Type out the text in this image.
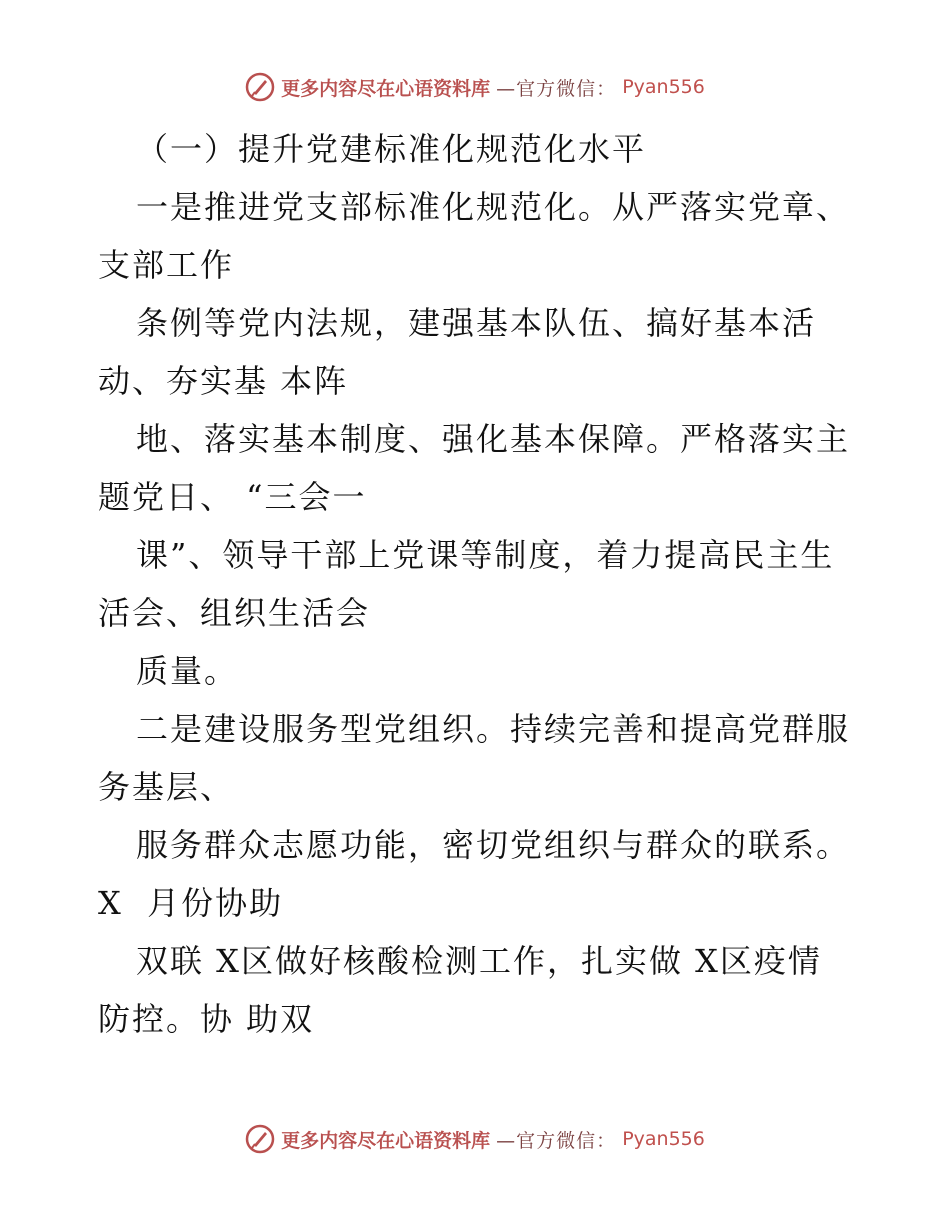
更多内容尽在心语资料库 —官方微信： Pyan556
（一）提升党建标准化规范化水平
一是推进党支部标准化规范化。从严落实党章、
支部工作
条例等党内法规，建强基本队伍、搞好基本活
动、夯实基 本阵
地、落实基本制度、强化基本保障。严格落实主
题党日、 “三会一
课”、领导干部上党课等制度，着力提高民主生
活会、组织生活会
质量。
二是建设服务型党组织。持续完善和提高党群服
务基层、
服务群众志愿功能，密切党组织与群众的联系。
X  月份协助
双联 X区做好核酸检测工作，扎实做 X区疫情
防控。协 助双
更多内容尽在心语资料库 —官方微信： Pyan556
